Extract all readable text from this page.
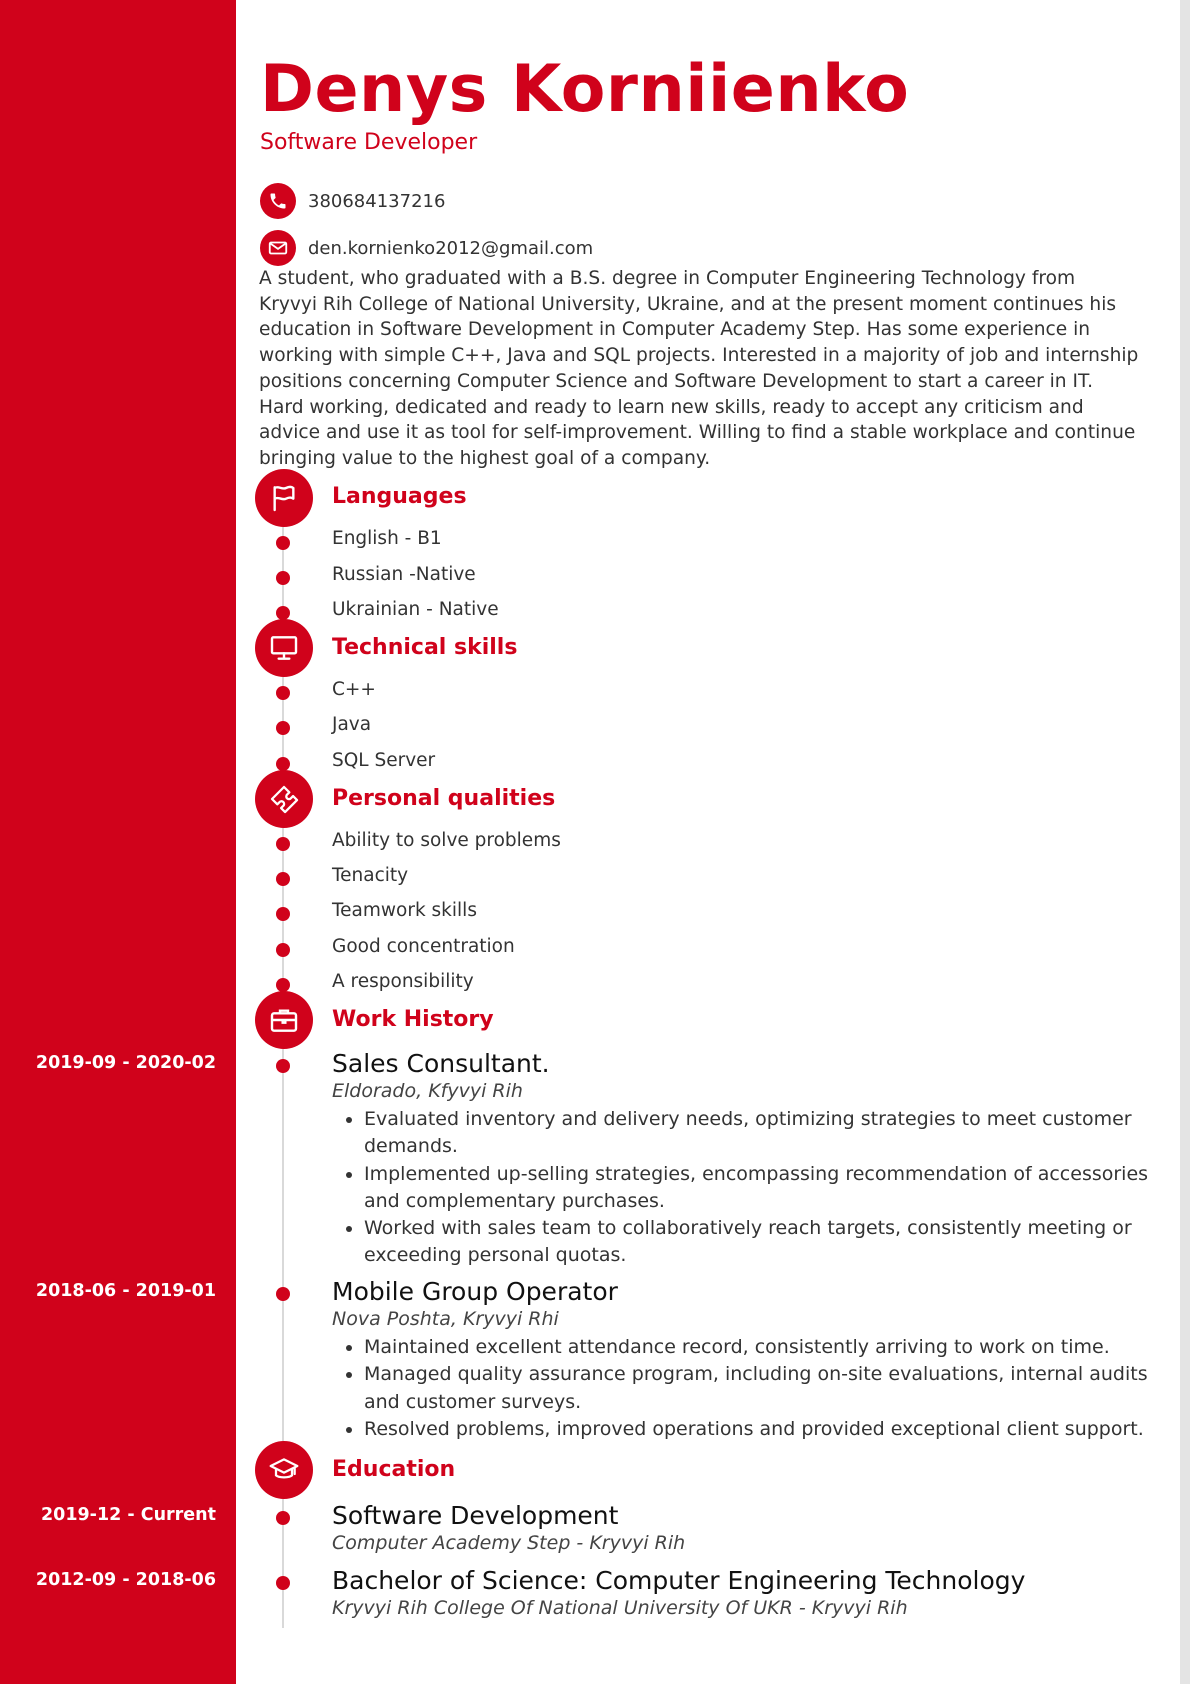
Denys Korniienko
Software Developer
380684137216
den.kornienko2012@gmail.com
A student, who graduated with a B.S. degree in Computer Engineering Technology from Kryvyi Rih College of National University, Ukraine, and at the present moment continues his education in Software Development in Computer Academy Step. Has some experience in working with simple C++, Java and SQL projects. Interested in a majority of job and internship positions concerning Computer Science and Software Development to start a career in IT. Hard working, dedicated and ready to learn new skills, ready to accept any criticism and advice and use it as tool for self-improvement. Willing to find a stable workplace and continue bringing value to the highest goal of a company.
Languages
English - B1
Russian -Native
Ukrainian - Native
Technical skills
C++
Java
SQL Server
Personal qualities
Ability to solve problems
Tenacity
Teamwork skills
Good concentration
A responsibility
Work History
2019-09 - 2020-02	Sales Consultant.
Eldorado, Kfyvyi Rih
• Evaluated inventory and delivery needs, optimizing strategies to meet customer demands.
• Implemented up-selling strategies, encompassing recommendation of accessories and complementary purchases.
• Worked with sales team to collaboratively reach targets, consistently meeting or exceeding personal quotas.
2018-06 - 2019-01	Mobile Group Operator
Nova Poshta, Kryvyi Rhi
• Maintained excellent attendance record, consistently arriving to work on time.
• Managed quality assurance program, including on-site evaluations, internal audits and customer surveys.
• Resolved problems, improved operations and provided exceptional client support.
Education
2019-12 - Current	Software Development
Computer Academy Step - Kryvyi Rih
2012-09 - 2018-06	Bachelor of Science: Computer Engineering Technology
Kryvyi Rih College Of National University Of UKR - Kryvyi Rih
